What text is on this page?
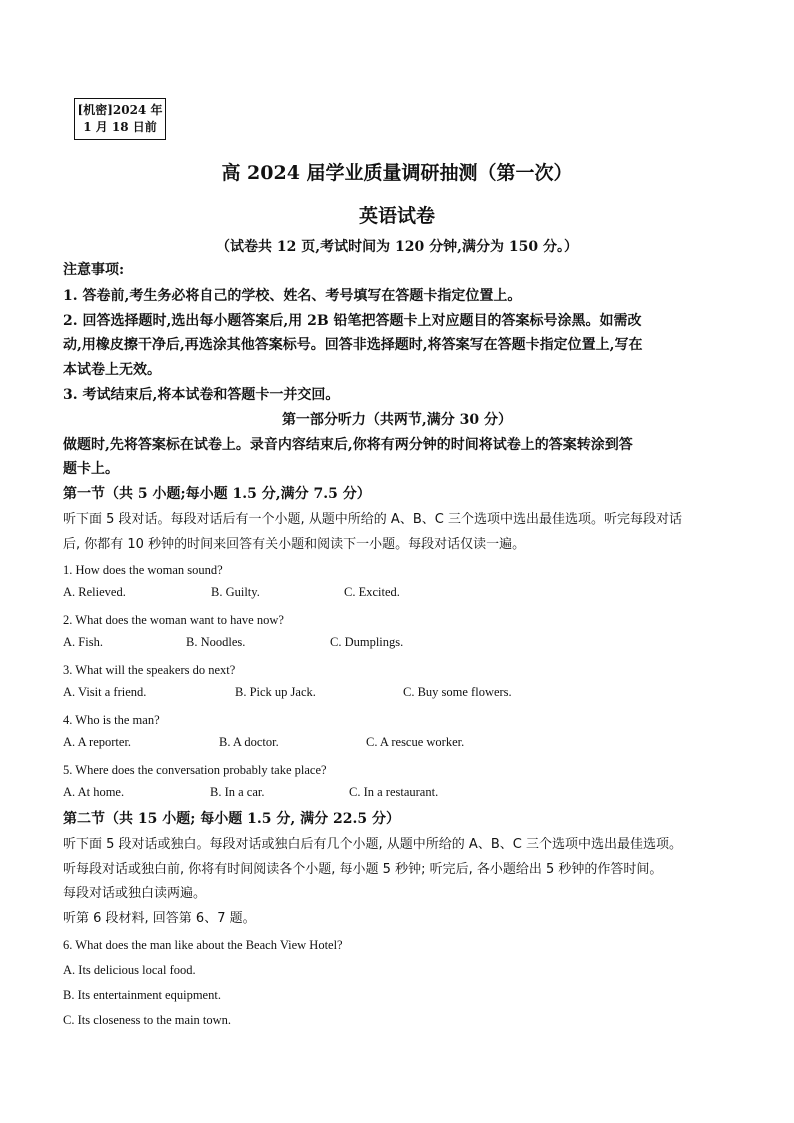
[机密]2024 年
1 月 18 日前
高 2024 届学业质量调研抽测（第一次）
英语试卷
（试卷共 12 页,考试时间为 120 分钟,满分为 150 分。）
注意事项:
1. 答卷前,考生务必将自己的学校、姓名、考号填写在答题卡指定位置上。
2. 回答选择题时,选出每小题答案后,用 2B 铅笔把答题卡上对应题目的答案标号涂黑。如需改
动,用橡皮擦干净后,再选涂其他答案标号。回答非选择题时,将答案写在答题卡指定位置上,写在
本试卷上无效。
3. 考试结束后,将本试卷和答题卡一并交回。
第一部分听力（共两节,满分 30 分）
做题时,先将答案标在试卷上。录音内容结束后,你将有两分钟的时间将试卷上的答案转涂到答
题卡上。
第一节（共 5 小题;每小题 1.5 分,满分 7.5 分）
听下面 5 段对话。每段对话后有一个小题, 从题中所给的 A、B、C 三个选项中选出最佳选项。听完每段对话
后, 你都有 10 秒钟的时间来回答有关小题和阅读下一小题。每段对话仅读一遍。
1. How does the woman sound?
A. Relieved.	B. Guilty.	C. Excited.
2. What does the woman want to have now?
A. Fish.	B. Noodles.	C. Dumplings.
3. What will the speakers do next?
A. Visit a friend.	B. Pick up Jack.	C. Buy some flowers.
4. Who is the man?
A. A reporter.	B. A doctor.	C. A rescue worker.
5. Where does the conversation probably take place?
A. At home.	B. In a car.	C. In a restaurant.
第二节（共 15 小题; 每小题 1.5 分, 满分 22.5 分）
听下面 5 段对话或独白。每段对话或独白后有几个小题, 从题中所给的 A、B、C 三个选项中选出最佳选项。
听每段对话或独白前, 你将有时间阅读各个小题, 每小题 5 秒钟; 听完后, 各小题给出 5 秒钟的作答时间。
每段对话或独白读两遍。
听第 6 段材料, 回答第 6、7 题。
6. What does the man like about the Beach View Hotel?
A. Its delicious local food.
B. Its entertainment equipment.
C. Its closeness to the main town.
